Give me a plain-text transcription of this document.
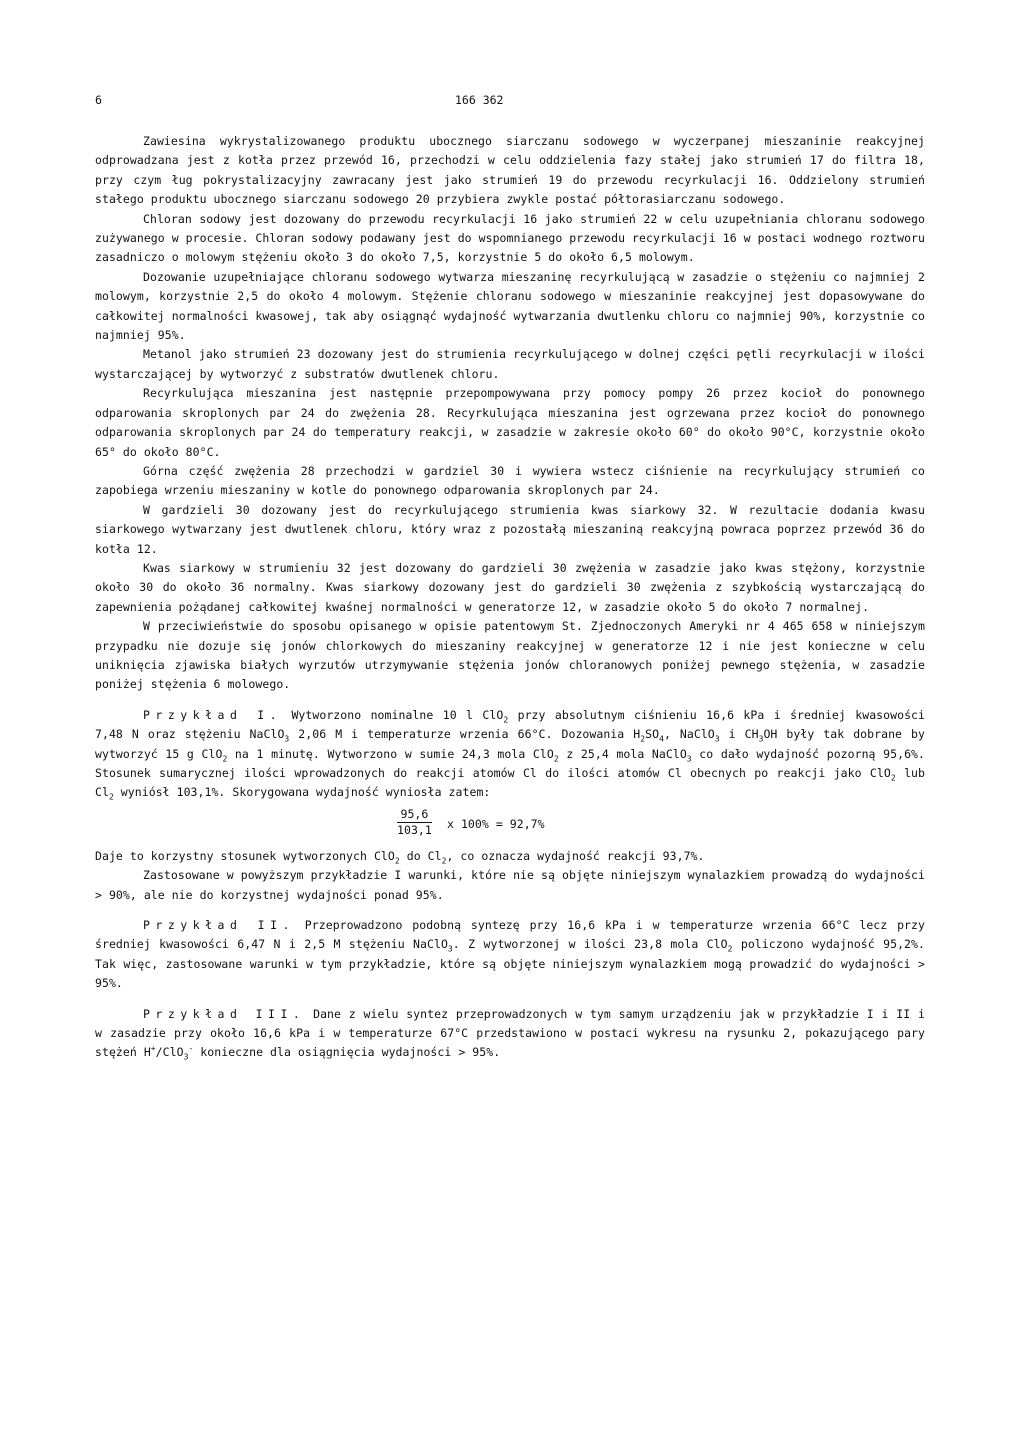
6	166 362

Zawiesina wykrystalizowanego produktu ubocznego siarczanu sodowego w wyczerpanej mieszaninie reakcyjnej odprowadzana jest z kotła przez przewód 16, przechodzi w celu oddzielenia fazy stałej jako strumień 17 do filtra 18, przy czym ług pokrystalizacyjny zawracany jest jako strumień 19 do przewodu recyrkulacji 16. Oddzielony strumień stałego produktu ubocznego siarczanu sodowego 20 przybiera zwykle postać półtorasiarczanu sodowego.

Chloran sodowy jest dozowany do przewodu recyrkulacji 16 jako strumień 22 w celu uzupełniania chloranu sodowego zużywanego w procesie. Chloran sodowy podawany jest do wspomnianego przewodu recyrkulacji 16 w postaci wodnego roztworu zasadniczo o molowym stężeniu około 3 do około 7,5, korzystnie 5 do około 6,5 molowym.

Dozowanie uzupełniające chloranu sodowego wytwarza mieszaninę recyrkulującą w zasadzie o stężeniu co najmniej 2 molowym, korzystnie 2,5 do około 4 molowym. Stężenie chloranu sodowego w mieszaninie reakcyjnej jest dopasowywane do całkowitej normalności kwasowej, tak aby osiągnąć wydajność wytwarzania dwutlenku chloru co najmniej 90%, korzystnie co najmniej 95%.

Metanol jako strumień 23 dozowany jest do strumienia recyrkulującego w dolnej części pętli recyrkulacji w ilości wystarczającej by wytworzyć z substratów dwutlenek chloru.

Recyrkulująca mieszanina jest następnie przepompowywana przy pomocy pompy 26 przez kocioł do ponownego odparowania skroplonych par 24 do zwężenia 28. Recyrkulująca mieszanina jest ogrzewana przez kocioł do ponownego odparowania skroplonych par 24 do temperatury reakcji, w zasadzie w zakresie około 60° do około 90°C, korzystnie około 65° do około 80°C.

Górna część zwężenia 28 przechodzi w gardziel 30 i wywiera wstecz ciśnienie na recyrkulujący strumień co zapobiega wrzeniu mieszaniny w kotle do ponownego odparowania skroplonych par 24.

W gardzieli 30 dozowany jest do recyrkulującego strumienia kwas siarkowy 32. W rezultacie dodania kwasu siarkowego wytwarzany jest dwutlenek chloru, który wraz z pozostałą mieszaniną reakcyjną powraca poprzez przewód 36 do kotła 12.

Kwas siarkowy w strumieniu 32 jest dozowany do gardzieli 30 zwężenia w zasadzie jako kwas stężony, korzystnie około 30 do około 36 normalny. Kwas siarkowy dozowany jest do gardzieli 30 zwężenia z szybkością wystarczającą do zapewnienia pożądanej całkowitej kwaśnej normalności w generatorze 12, w zasadzie około 5 do około 7 normalnej.

W przeciwieństwie do sposobu opisanego w opisie patentowym St. Zjednoczonych Ameryki nr 4 465 658 w niniejszym przypadku nie dozuje się jonów chlorkowych do mieszaniny reakcyjnej w generatorze 12 i nie jest konieczne w celu uniknięcia zjawiska białych wyrzutów utrzymywanie stężenia jonów chloranowych poniżej pewnego stężenia, w zasadzie poniżej stężenia 6 molowego.

Przykład I. Wytworzono nominalne 10 l ClO$_2$ przy absolutnym ciśnieniu 16,6 kPa i średniej kwasowości 7,48 N oraz stężeniu NaClO$_3$ 2,06 M i temperaturze wrzenia 66°C. Dozowania $H_2SO_4$, NaClO$_3$ i $CH_3OH$ były tak dobrane by wytworzyć 15 g ClO$_2$ na 1 minutę. Wytworzono w sumie 24,3 mola ClO$_2$ z 25,4 mola NaClO$_3$ co dało wydajność pozorną 95,6%. Stosunek sumarycznej ilości wprowadzonych do reakcji atomów Cl do ilości atomów Cl obecnych po reakcji jako ClO$_2$ lub $Cl_2$ wyniósł 103,1%. Skorygowana wydajność wyniosła zatem:

$\frac{95,6}{103,1}$ x 100% = 92,7%

Daje to korzystny stosunek wytworzonych ClO$_2$ do $Cl_2$, co oznacza wydajność reakcji 93,7%.

Zastosowane w powyższym przykładzie I warunki, które nie są objęte niniejszym wynalazkiem prowadzą do wydajności > 90%, ale nie do korzystnej wydajności ponad 95%.

Przykład II. Przeprowadzono podobną syntezę przy 16,6 kPa i w temperaturze wrzenia 66°C lecz przy średniej kwasowości 6,47 N i 2,5 M stężeniu NaClO$_3$. Z wytworzonej w ilości 23,8 mola ClO$_2$ policzono wydajność 95,2%. Tak więc, zastosowane warunki w tym przykładzie, które są objęte niniejszym wynalazkiem mogą prowadzić do wydajności > 95%.

Przykład III. Dane z wielu syntez przeprowadzonych w tym samym urządzeniu jak w przykładzie I i II i w zasadzie przy około 16,6 kPa i w temperaturze 67°C przedstawiono w postaci wykresu na rysunku 2, pokazującego pary stężeń H+/ClO$_3$- konieczne dla osiągnięcia wydajności > 95%.
